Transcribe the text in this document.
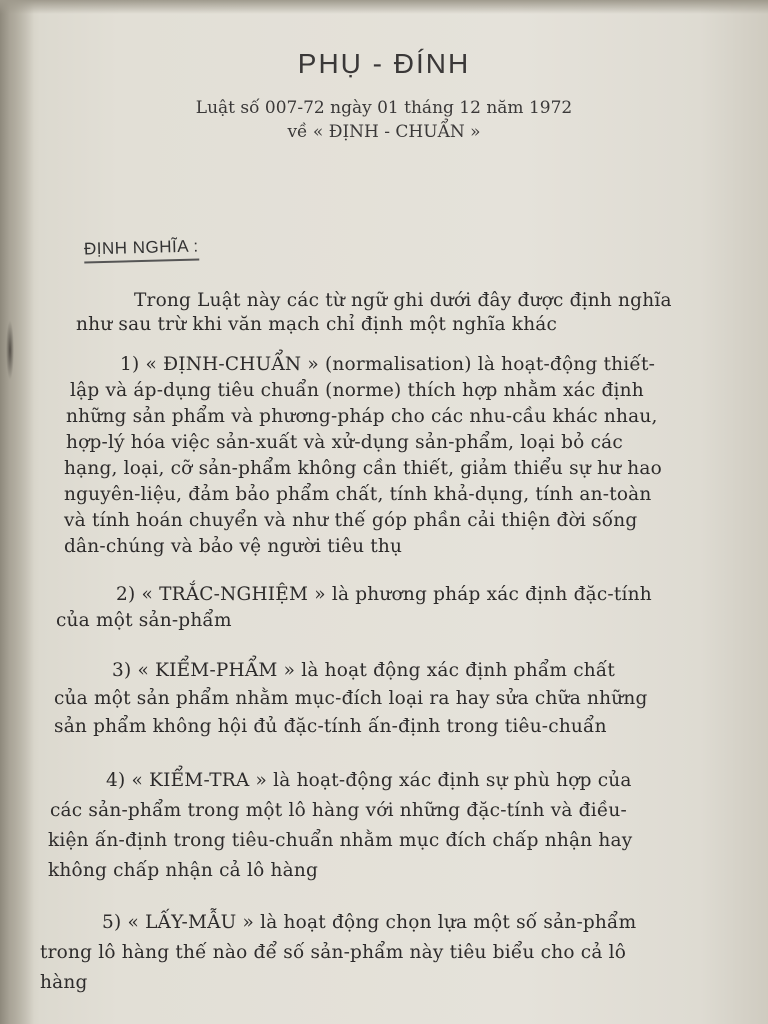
PHỤ - ĐÍNH
Luật số 007-72 ngày 01 tháng 12 năm 1972
về « ĐỊNH - CHUẨN »
ĐỊNH NGHĨA :
Trong Luật này các từ ngữ ghi dưới đây được định nghĩa
như sau trừ khi văn mạch chỉ định một nghĩa khác
1) « ĐỊNH-CHUẨN » (normalisation) là hoạt-động thiết-
lập và áp-dụng tiêu chuẩn (norme) thích hợp nhằm xác định
những sản phẩm và phương-pháp cho các nhu-cầu khác nhau,
hợp-lý hóa việc sản-xuất và xử-dụng sản-phẩm, loại bỏ các
hạng, loại, cỡ sản-phẩm không cần thiết, giảm thiểu sự hư hao
nguyên-liệu, đảm bảo phẩm chất, tính khả-dụng, tính an-toàn
và tính hoán chuyển và như thế góp phần cải thiện đời sống
dân-chúng và bảo vệ người tiêu thụ
2) « TRẮC-NGHIỆM » là phương pháp xác định đặc-tính
của một sản-phẩm
3) « KIỂM-PHẨM » là hoạt động xác định phẩm chất
của một sản phẩm nhằm mục-đích loại ra hay sửa chữa những
sản phẩm không hội đủ đặc-tính ấn-định trong tiêu-chuẩn
4) « KIỂM-TRA » là hoạt-động xác định sự phù hợp của
các sản-phẩm trong một lô hàng với những đặc-tính và điều-
kiện ấn-định trong tiêu-chuẩn nhằm mục đích chấp nhận hay
không chấp nhận cả lô hàng
5) « LẤY-MẪU » là hoạt động chọn lựa một số sản-phẩm
trong lô hàng thế nào để số sản-phẩm này tiêu biểu cho cả lô
hàng
